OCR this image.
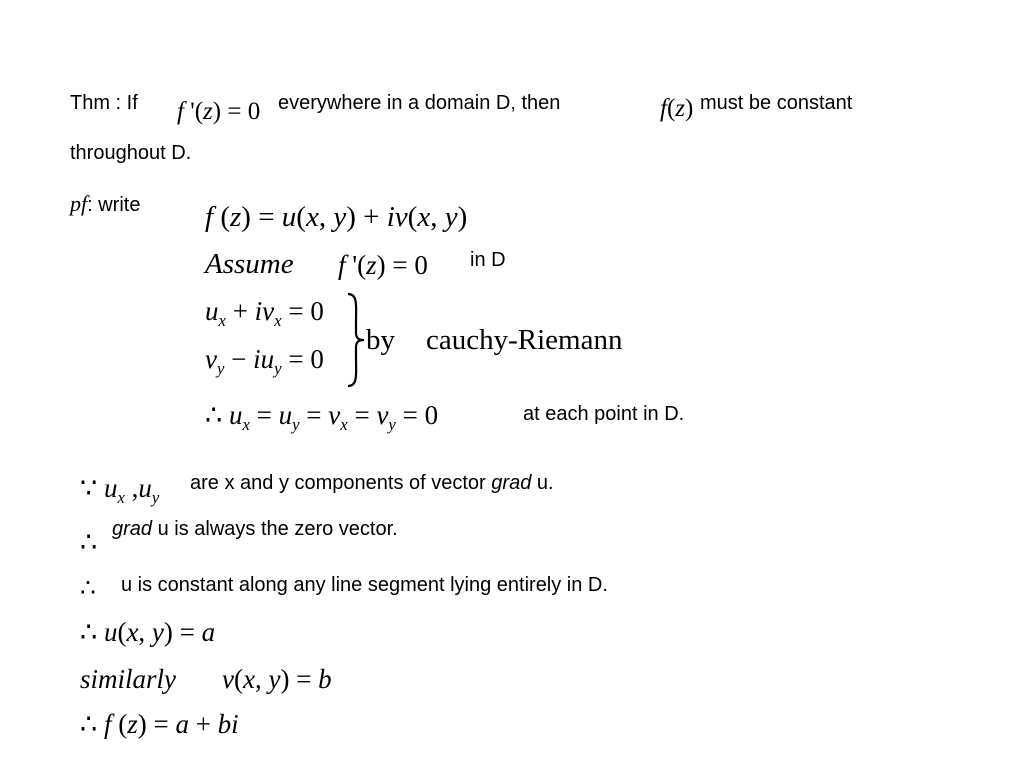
Thm : If f '(z) = 0 everywhere in a domain D, then	f(z) must be constant
throughout D.
pf: write f (z) = u(x, y) + iv(x, y)
Assume f '(z) = 0 in D
$u_x + iv_x = 0$
$v_y - iu_y = 0$
by cauchy-Riemann
∴ $u_x = u_y = v_x = v_y = 0$	at each point in D.
∵ $u_x$ $,u_y$
are x and y components of vector grad u.
∴ grad u is always the zero vector.
∴ u is constant along any line segment lying entirely in D.
∴ u(x, y) = a
similarly v(x, y) = b
∴ f (z) = a + bi
